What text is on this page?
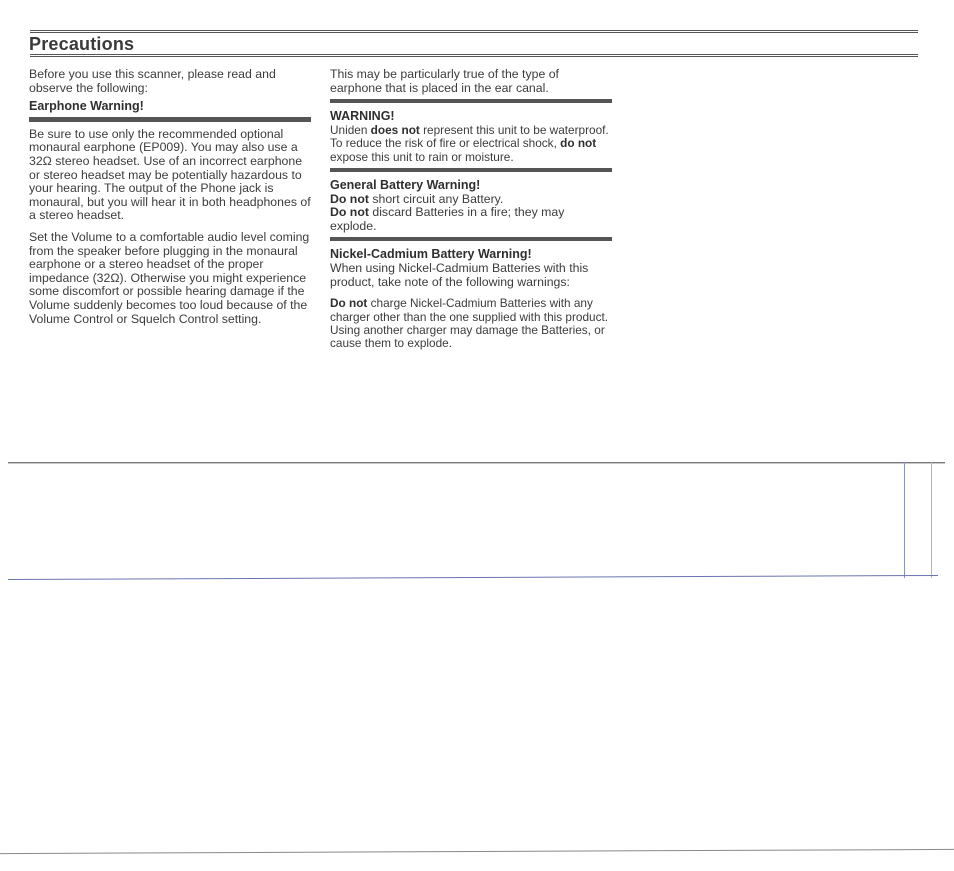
Precautions

Before you use this scanner, please read and observe the following:

Earphone Warning!

Be sure to use only the recommended optional monaural earphone (EP009). You may also use a 32Ω stereo headset. Use of an incorrect earphone or stereo headset may be potentially hazardous to your hearing. The output of the Phone jack is monaural, but you will hear it in both headphones of a stereo headset.

Set the Volume to a comfortable audio level coming from the speaker before plugging in the monaural earphone or a stereo headset of the proper impedance (32Ω). Otherwise you might experience some discomfort or possible hearing damage if the Volume suddenly becomes too loud because of the Volume Control or Squelch Control setting.

This may be particularly true of the type of earphone that is placed in the ear canal.

WARNING!

Uniden does not represent this unit to be waterproof. To reduce the risk of fire or electrical shock, do not expose this unit to rain or moisture.

General Battery Warning!

Do not short circuit any Battery.

Do not discard Batteries in a fire; they may explode.

Nickel-Cadmium Battery Warning!

When using Nickel-Cadmium Batteries with this product, take note of the following warnings:

Do not charge Nickel-Cadmium Batteries with any charger other than the one supplied with this product. Using another charger may damage the Batteries, or cause them to explode.
